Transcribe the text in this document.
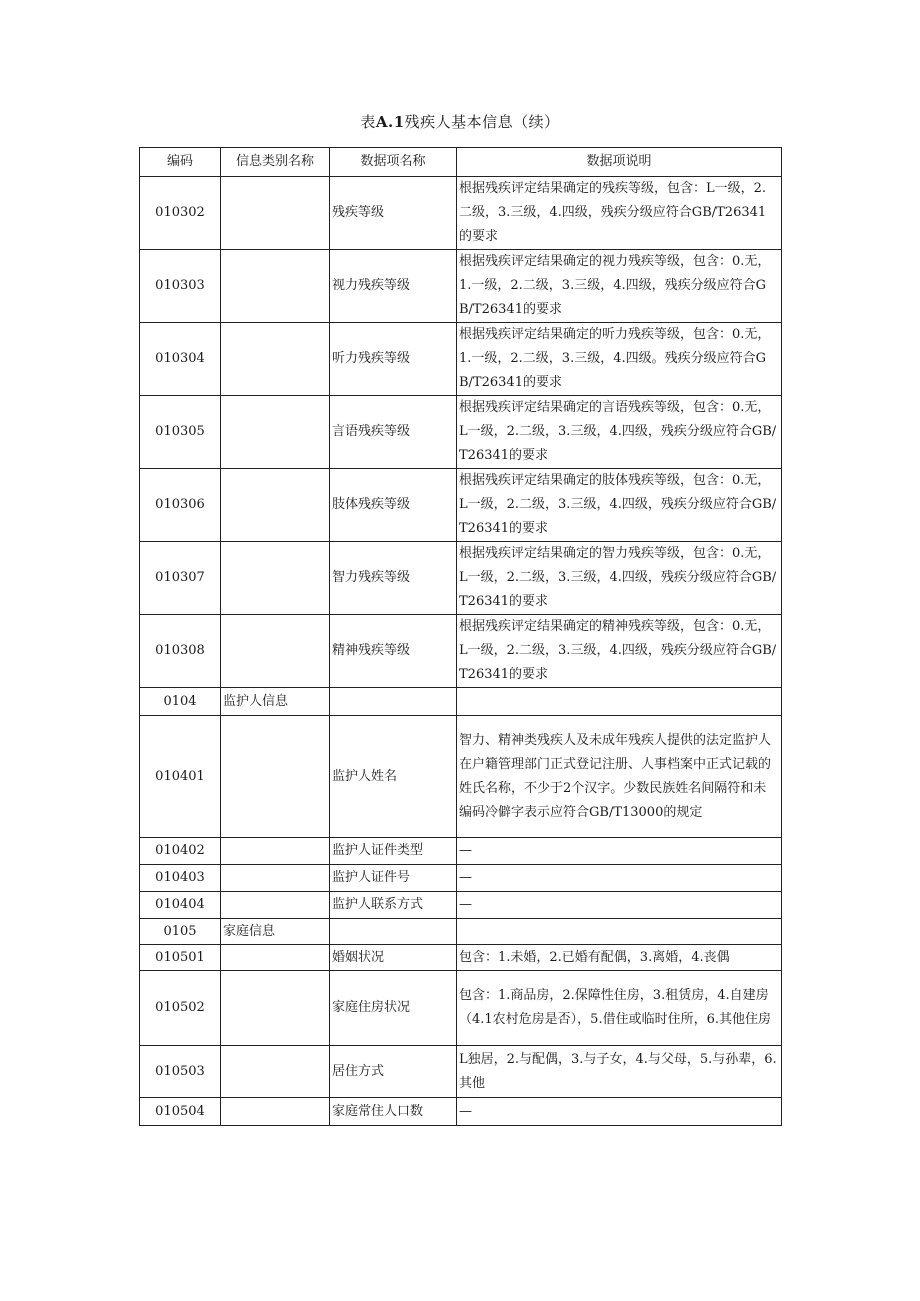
表A.1残疾人基本信息（续）
编码	信息类别名称	数据项名称	数据项说明
010302		残疾等级	根据残疾评定结果确定的残疾等级，包含：L一级，2.二级，3.三级，4.四级，残疾分级应符合GB/T26341的要求
010303		视力残疾等级	根据残疾评定结果确定的视力残疾等级，包含：0.无，1.一级，2.二级，3.三级，4.四级，残疾分级应符合GB/T26341的要求
010304		听力残疾等级	根据残疾评定结果确定的听力残疾等级，包含：0.无，1.一级，2.二级，3.三级，4.四级。残疾分级应符合GB/T26341的要求
010305		言语残疾等级	根据残疾评定结果确定的言语残疾等级，包含：0.无，L一级，2.二级，3.三级，4.四级，残疾分级应符合GB/T26341的要求
010306		肢体残疾等级	根据残疾评定结果确定的肢体残疾等级，包含：0.无，L一级，2.二级，3.三级，4.四级，残疾分级应符合GB/T26341的要求
010307		智力残疾等级	根据残疾评定结果确定的智力残疾等级，包含：0.无，L一级，2.二级，3.三级，4.四级，残疾分级应符合GB/T26341的要求
010308		精神残疾等级	根据残疾评定结果确定的精神残疾等级，包含：0.无，L一级，2.二级，3.三级，4.四级，残疾分级应符合GB/T26341的要求
0104	监护人信息		
010401		监护人姓名	智力、精神类残疾人及未成年残疾人提供的法定监护人在户籍管理部门正式登记注册、人事档案中正式记载的姓氏名称，不少于2个汉字。少数民族姓名间隔符和未编码冷僻字表示应符合GB/T13000的规定
010402		监护人证件类型	—
010403		监护人证件号	—
010404		监护人联系方式	—
0105	家庭信息		
010501		婚姻状况	包含：1.未婚，2.已婚有配偶，3.离婚，4.丧偶
010502		家庭住房状况	包含：1.商品房，2.保障性住房，3.租赁房，4.自建房（4.1农村危房是否），5.借住或临时住所，6.其他住房
010503		居住方式	L独居，2.与配偶，3.与子女，4.与父母，5.与孙辈，6.其他
010504		家庭常住人口数	—
